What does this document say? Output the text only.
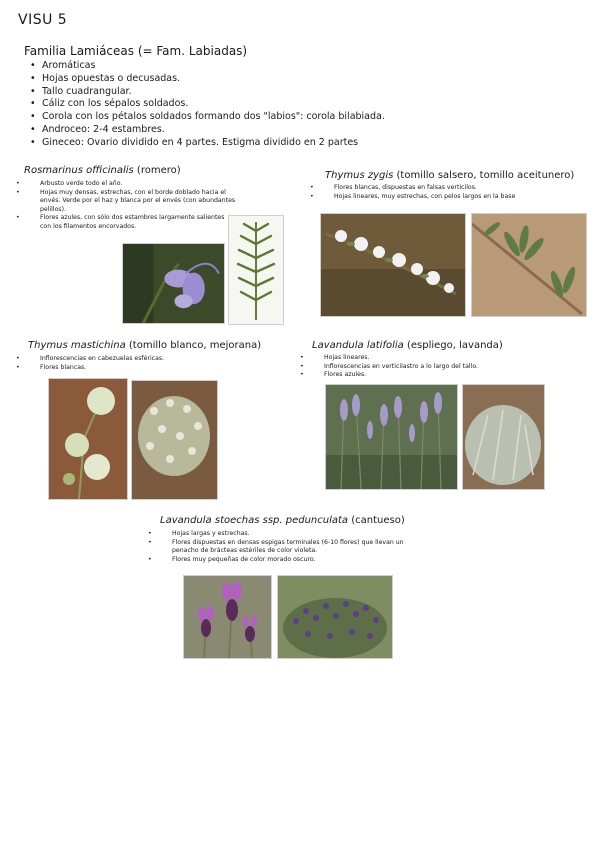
VISU 5
Familia Lamiáceas (= Fam. Labiadas)
• Aromáticas
• Hojas opuestas o decusadas.
• Tallo cuadrangular.
• Cáliz con los sépalos soldados.
• Corola con los pétalos soldados formando dos "labios": corola bilabiada.
• Androceo: 2-4 estambres.
• Gineceo: Ovario dividido en 4 partes. Estigma dividido en 2 partes
Rosmarinus officinalis (romero)
• Arbusto verde todo el año.
• Hojas muy densas, estrechas, con el borde doblado hacia el envés. Verde por el haz y blanca por el envés (con abundantes pelillos).
• Flores azules, con sólo dos estambres largamente salientes con los filamentos encorvados.
Thymus zygis (tomillo salsero, tomillo aceitunero)
• Flores blancas, dispuestas en falsas verticilos.
• Hojas lineares, muy estrechas, con pelos largos en la base
Thymus mastichina (tomillo blanco, mejorana)
• Inflorescencias en cabezuelas esféricas.
• Flores blancas.
Lavandula latifolia (espliego, lavanda)
• Hojas lineares.
• Inflorescencias en verticilastro a lo largo del tallo.
• Flores azules.
Lavandula stoechas ssp. pedunculata (cantueso)
• Hojas largas y estrechas.
• Flores dispuestas en densas espigas terminales (6-10 flores) que llevan un penacho de brácteas estériles de color violeta.
• Flores muy pequeñas de color morado oscuro.
